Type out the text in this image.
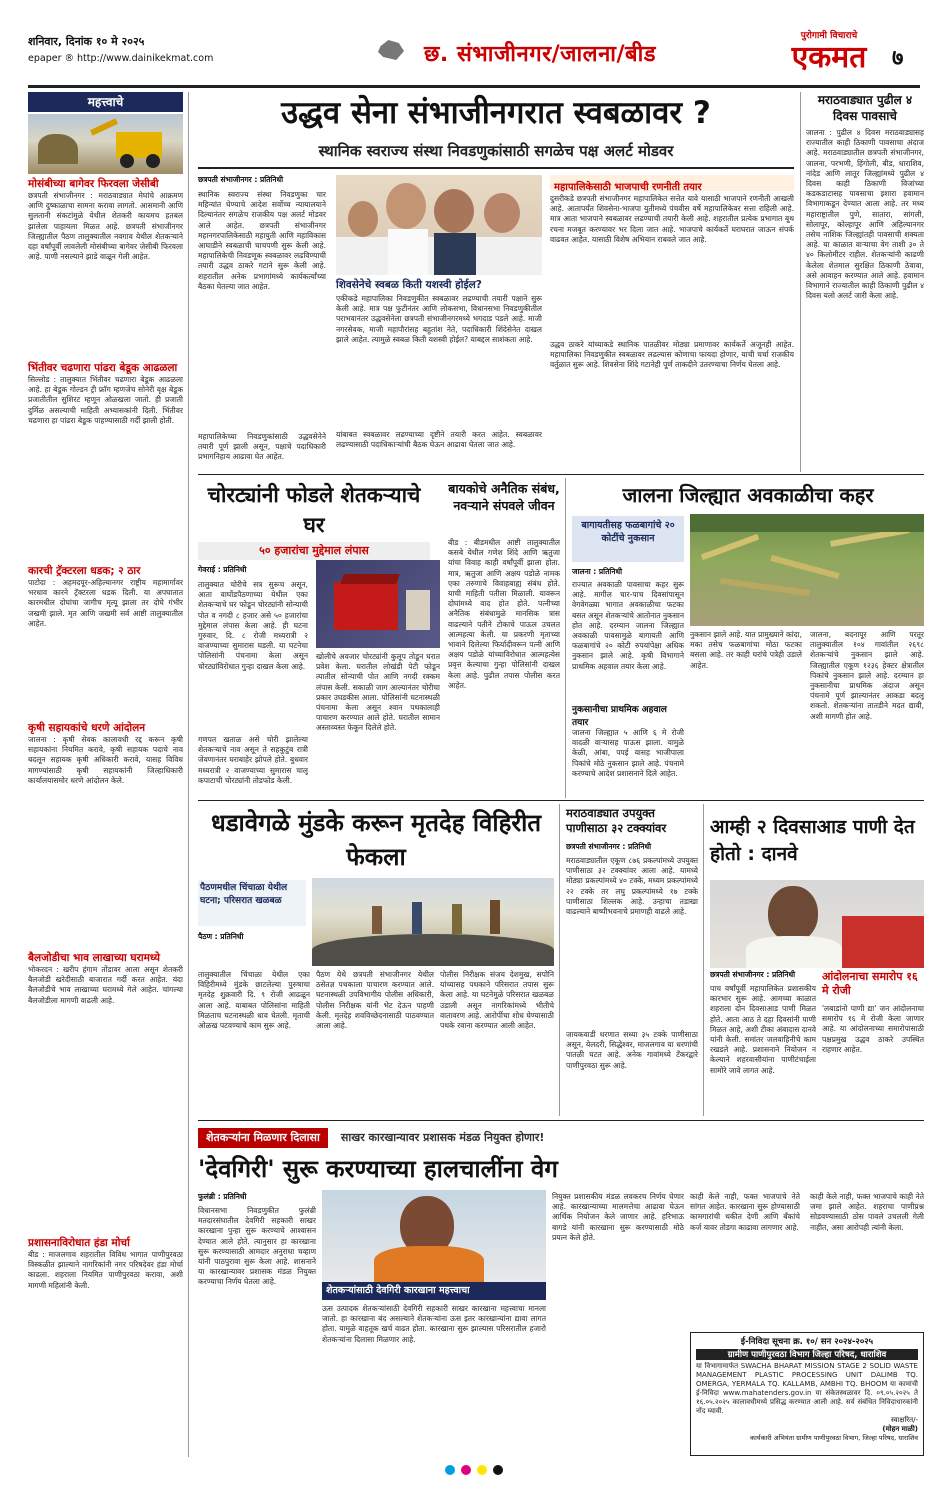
शनिवार, दिनांक १० मे २०२५
epaper ® http://www.dainikekmat.com	छ. संभाजीनगर/जालना/बीड
पुरोगामी विचाराचे
एकमत	७
महत्त्वाचे
मोसंबीच्या बागेवर फिरवला जेसीबी
छत्रपती संभाजीनगर : मराठवाड्यात मेघांचे आक्रमण आणि दुष्काळाचा सामना करावा लागतो. आसमानी आणि सुलतानी संकटांमुळे येथील शेतकरी कायमच हतबल झालेला पाहायला मिळत आहे. छत्रपती संभाजीनगर जिल्ह्यातील पैठण तालुक्यातील नवगाव येथील शेतकऱ्याने दहा वर्षांपूर्वी लावलेली मोसंबीच्या बागेवर जेसीबी फिरवला आहे. पाणी नसल्याने झाडे वाळून गेली आहेत.
भिंतीवर चढणारा पांढरा बेडूक आढळला
सिल्लोड : तालुक्यात भिंतीवर चढणारा बेडूक आढळला आहे. हा बेडूक गोल्डन ट्री फ्रॉग म्हणजेच सोनेरी वृक्ष बेडूक प्रजातीतील सुशिरट म्हणून ओळखला जातो. ही प्रजाती दुर्मिळ असल्याची माहिती अभ्यासकांनी दिली. भिंतीवर चढणारा हा पांढरा बेडूक पाहण्यासाठी गर्दी झाली होती.
कारची ट्रॅक्टरला धडक; २ ठार
पाटोदा : अहमदपूर-अहिल्यानगर राष्ट्रीय महामार्गावर भरधाव कारने ट्रॅक्टरला धडक दिली. या अपघातात कारमधील दोघांचा जागीच मृत्यू झाला तर दोघे गंभीर जखमी झाले. मृत आणि जखमी सर्व आष्टी तालुक्यातील आहेत.
कृषी सहायकांचे धरणे आंदोलन
जालना : कृषी सेवक कालावधी रद्द करून कृषी सहायकांना नियमित करावे, कृषी सहायक पदाचे नाव बदलून सहायक कृषी अधिकारी करावे, यासह विविध मागण्यांसाठी कृषी सहायकांनी जिल्हाधिकारी कार्यालयासमोर धरणे आंदोलन केले.
बैलजोडीचा भाव लाखाच्या घरामध्ये
भोकरदन : खरीप हंगाम तोंडावर आला असून शेतकरी बैलजोडी खरेदीसाठी बाजारात गर्दी करत आहेत. यंदा बैलजोडीचे भाव लाखाच्या घरामध्ये गेले आहेत. चांगल्या बैलजोडीला मागणी वाढली आहे.
प्रशासनाविरोधात हंडा मोर्चा
बीड : माजलगाव शहरातील विविध भागात पाणीपुरवठा विस्कळीत झाल्याने नागरिकांनी नगर परिषदेवर हंडा मोर्चा काढला. शहराला नियमित पाणीपुरवठा करावा, अशी मागणी महिलांनी केली.
उद्धव सेना संभाजीनगरात स्वबळावर ?
स्थानिक स्वराज्य संस्था निवडणुकांसाठी सगळेच पक्ष अलर्ट मोडवर
छत्रपती संभाजीनगर : प्रतिनिधी
स्थानिक स्वराज्य संस्था निवडणुका चार महिन्यांत घेण्याचे आदेश सर्वोच्च न्यायालयाने दिल्यानंतर सगळेच राजकीय पक्ष अलर्ट मोडवर आले आहेत. छत्रपती संभाजीनगर महानगरपालिकेसाठी महायुती आणि महाविकास आघाडीने स्वबळाची चाचपणी सुरू केली आहे. महापालिकेची निवडणूक स्वबळावर लढविण्याची तयारी उद्धव ठाकरे गटाने सुरू केली आहे. शहरातील अनेक प्रभागांमध्ये कार्यकर्त्यांच्या बैठका घेतल्या जात आहेत.
महापालिकेच्या निवडणुकांसाठी उद्धवसेनेने तयारी पूर्ण झाली असून, पक्षाचे पदाधिकारी प्रभागनिहाय आढावा घेत आहेत.
शिवसेनेचे स्वबळ किती यशस्वी होईल?
एकीकडे महापालिका निवडणुकीत स्वबळावर लढण्याची तयारी पक्षाने सुरू केली आहे. मात्र पक्ष फुटीनंतर आणि लोकसभा, विधानसभा निवडणुकीतील पराभवानंतर उद्धवसेनेला छत्रपती संभाजीनगरमध्ये भगदाड पडले आहे. माजी नगरसेवक, माजी महापौरांसह बहुतांश नेते, पदाधिकारी शिंदेसेनेत दाखल झाले आहेत. त्यामुळे स्वबळ किती यशस्वी होईल? याबद्दल साशंकता आहे.
यांबाबत स्वबळावर लढण्याच्या दृष्टीने तयारी करत आहेत. स्वबळावर लढण्यासाठी पदाधिकाऱ्यांची बैठक घेऊन आढावा घेतला जात आहे.
महापालिकेसाठी भाजपाची रणनीती तयार
दुसरीकडे छत्रपती संभाजीनगर महापालिकेत सत्तेत यावे यासाठी भाजपाने रणनीती आखली आहे. आतापर्यंत शिवसेना-भाजपा युतीमध्ये पंचवीस वर्षे महापालिकेवर सत्ता राहिली आहे. मात्र आता भाजपाने स्वबळावर लढण्याची तयारी केली आहे. शहरातील प्रत्येक प्रभागात बूथ रचना मजबूत करण्यावर भर दिला जात आहे. भाजपाचे कार्यकर्ते घराघरात जाऊन संपर्क वाढवत आहेत. यासाठी विशेष अभियान राबवले जात आहे.
उद्धव ठाकरे यांच्याकडे स्थानिक पातळीवर मोठ्या प्रमाणावर कार्यकर्ते अजूनही आहेत. महापालिका निवडणुकीत स्वबळावर लढल्यास कोणाचा फायदा होणार, याची चर्चा राजकीय वर्तुळात सुरू आहे. शिवसेना शिंदे गटानेही पूर्ण ताकदीने उतरण्याचा निर्णय घेतला आहे.
मराठवाड्यात पुढील ४ दिवस पावसाचे
जालना : पुढील ४ दिवस मराठवाड्यासह राज्यातील काही ठिकाणी पावसाचा अंदाज आहे. मराठवाड्यातील छत्रपती संभाजीनगर, जालना, परभणी, हिंगोली, बीड, धाराशिव, नांदेड आणि लातूर जिल्ह्यांमध्ये पुढील ४ दिवस काही ठिकाणी विजांच्या कडकडाटासह पावसाचा इशारा हवामान विभागाकडून देण्यात आला आहे. तर मध्य महाराष्ट्रातील पुणे, सातारा, सांगली, सोलापूर, कोल्हापूर आणि अहिल्यानगर तसेच नाशिक जिल्ह्यांतही पावसाची शक्यता आहे. या काळात वाऱ्याचा वेग ताशी ३० ते ४० किलोमीटर राहील. शेतकऱ्यांनी काढणी केलेला शेतमाल सुरक्षित ठिकाणी ठेवावा, असे आवाहन करण्यात आले आहे. हवामान विभागाने राज्यातील काही ठिकाणी पुढील ४ दिवस यलो अलर्ट जारी केला आहे.
चोरट्यांनी फोडले शेतकऱ्याचे घर
५० हजारांचा मुद्देमाल लंपास
गेवराई : प्रतिनिधी
तालुक्यात चोरीचे सत्र सुरूच असून, आता वाघोंडपैठणाच्या येथील एका शेतकऱ्याचे घर फोडून चोरट्यांनी सोन्याची पोत व नगदी ८ हजार असे ५० हजारांचा मुद्देमाल लंपास केला आहे. ही घटना गुरुवार, दि. ८ रोजी मध्यरात्री २ वाजण्याच्या सुमारास घडली. या घटनेचा पोलिसांनी पंचनामा केला असून चोरट्यांविरोधात गुन्हा दाखल केला आहे.
गणपत खताळ असे चोरी झालेल्या शेतकऱ्याचे नाव असून ते सहकुटुंब रात्री जेवणानंतर घराबाहेर झोपले होते. बुधवार मध्यरात्री २ वाजण्याच्या सुमारास चालू कपाटाची चोरट्यांनी तोडफोड केली.
खोलीचे अवजार चोरट्यांनी कुलूप तोडून घरात प्रवेश केला. घरातील लोखंडी पेटी फोडून त्यातील सोन्याची पोत आणि नगदी रक्कम लंपास केली. सकाळी जाग आल्यानंतर चोरीचा प्रकार उघडकीस आला. पोलिसांनी घटनास्थळी पंचनामा केला असून श्वान पथकालाही पाचारण करण्यात आले होते. घरातील सामान अस्ताव्यस्त फेकून दिलेले होते.
बायकोचे अनैतिक संबंध, नवऱ्याने संपवले जीवन
बीड : बीडमधील आष्टी तालुक्यातील कसबे येथील गणेश शिंदे आणि ऋतुजा यांचा विवाह काही वर्षांपूर्वी झाला होता. मात्र, ऋतुजा आणि अक्षय पडोळे नामक एका तरुणाचे विवाहबाह्य संबंध होते. याची माहिती पतीला मिळाली. यावरून दोघांमध्ये वाद होत होते. पत्नीच्या अनैतिक संबंधामुळे मानसिक त्रास वाढल्याने पतीने टोकाचे पाऊल उचलत आत्महत्या केली. या प्रकरणी मृताच्या भावाने दिलेल्या फिर्यादीवरून पत्नी आणि अक्षय पडोळे यांच्याविरोधात आत्महत्येस प्रवृत्त केल्याचा गुन्हा पोलिसांनी दाखल केला आहे. पुढील तपास पोलीस करत आहेत.
जालना जिल्ह्यात अवकाळीचा कहर
बागायतीसह फळबागांचे २० कोटींचे नुकसान
जालना : प्रतिनिधी
राज्यात अवकाळी पावसाचा कहर सुरू आहे. मागील चार-पाच दिवसांपासून वेगवेगळ्या भागात अवकाळीचा फटका बसत असून शेतकऱ्यांचे आतोनात नुकसान होत आहे. दरम्यान जालना जिल्ह्यात अवकाळी पावसामुळे बागायती आणि फळबागांचे २० कोटी रुपयांपेक्षा अधिक नुकसान झाले आहे. कृषी विभागाने प्राथमिक अहवाल तयार केला आहे.
नुकसानीचा प्राथमिक अहवाल तयार
जालना जिल्ह्यात ५ आणि ६ मे रोजी वादळी वाऱ्यासह पाऊस झाला. यामुळे केळी, आंबा, पपई यासह भाजीपाला पिकांचे मोठे नुकसान झाले आहे. पंचनामे करण्याचे आदेश प्रशासनाने दिले आहेत.
नुकसान झाले आहे. यात प्रामुख्याने कांदा, मका तसेच फळबागांचा मोठा फटका बसला आहे. तर काही घरांचे पत्रेही उडाले आहेत.
जालना, बदनापूर आणि परतूर तालुक्यातील १०४ गावांतील २६९८ शेतकऱ्यांचे नुकसान झाले आहे. जिल्ह्यातील एकूण १२३६ हेक्टर क्षेत्रातील पिकांचे नुकसान झाले आहे. दरम्यान हा नुकसानीचा प्राथमिक अंदाज असून पंचनामे पूर्ण झाल्यानंतर आकडा बदलू शकतो. शेतकऱ्यांना तातडीने मदत द्यावी, अशी मागणी होत आहे.
धडावेगळे मुंडके करून मृतदेह विहिरीत फेकला
पैठणमधील चिंचाळा येथील घटना; परिसरात खळबळ
पैठण : प्रतिनिधी
तालुक्यातील चिंचाळा येथील एका विहिरीमध्ये मुंडके छाटलेल्या पुरुषाचा मृतदेह शुक्रवारी दि. ९ रोजी आढळून आला आहे. याबाबत पोलिसांना माहिती मिळताच घटनास्थळी धाव घेतली. मृताची ओळख पटवण्याचे काम सुरू आहे.
पैठण येथे छत्रपती संभाजीनगर येथील ठसेतज्ञ पथकाला पाचारण करण्यात आले. घटनास्थळी उपविभागीय पोलीस अधिकारी, पोलीस निरीक्षक यांनी भेट देऊन पाहणी केली. मृतदेह शवविच्छेदनासाठी पाठवण्यात आला आहे.
पोलीस निरीक्षक संजय देशमुख, सपोनि यांच्यासह पथकाने परिसरात तपास सुरू केला आहे. या घटनेमुळे परिसरात खळबळ उडाली असून नागरिकांमध्ये भीतीचे वातावरण आहे. आरोपींचा शोध घेण्यासाठी पथके रवाना करण्यात आली आहेत.
मराठवाड्यात उपयुक्त पाणीसाठा ३२ टक्क्यांवर
छत्रपती संभाजीनगर : प्रतिनिधी
मराठवाड्यातील एकूण ८७६ प्रकल्पांमध्ये उपयुक्त पाणीसाठा ३२ टक्क्यांवर आला आहे. यामध्ये मोठ्या प्रकल्पांमध्ये ४० टक्के, मध्यम प्रकल्पांमध्ये २२ टक्के तर लघु प्रकल्पांमध्ये १७ टक्के पाणीसाठा शिल्लक आहे. उन्हाचा तडाखा वाढल्याने बाष्पीभवनाचे प्रमाणही वाढले आहे.
जायकवाडी धरणात सध्या ३५ टक्के पाणीसाठा असून, येलदरी, सिद्धेश्वर, माजलगाव या धरणांची पातळी घटत आहे. अनेक गावांमध्ये टँकरद्वारे पाणीपुरवठा सुरू आहे.
आम्ही २ दिवसाआड पाणी देत होतो : दानवे
छत्रपती संभाजीनगर : प्रतिनिधी	आंदोलनाचा समारोप १६ मे रोजी
'लबाडांनो पाणी द्या' जन आंदोलनाचा समारोप १६ मे रोजी केला जाणार आहे. या आंदोलनाच्या समारोपासाठी पक्षप्रमुख उद्धव ठाकरे उपस्थित राहणार आहेत.
पाच वर्षांपूर्वी महापालिकेत प्रशासकीय कारभार सुरू आहे. आमच्या काळात शहराला दोन दिवसाआड पाणी मिळत होते. आता आठ ते दहा दिवसांनी पाणी मिळत आहे, अशी टीका अंबादास दानवे यांनी केली. समांतर जलवाहिनीचे काम रखडले आहे. प्रशासनाने नियोजन न केल्याने शहरवासीयांना पाणीटंचाईला सामोरे जावे लागत आहे.
शेतकऱ्यांना मिळणार दिलासा साखर कारखान्यावर प्रशासक मंडळ नियुक्त होणार!
'देवगिरी' सुरू करण्याच्या हालचालींना वेग
फुलंब्री : प्रतिनिधी
विधानसभा निवडणुकीत फुलंब्री मतदारसंघातील देवगिरी सहकारी साखर कारखाना पुन्हा सुरू करण्याचे आश्वासन देण्यात आले होते. त्यानुसार हा कारखाना सुरू करण्यासाठी आमदार अनुराधा चव्हाण यांनी पाठपुरावा सुरू केला आहे. शासनाने या कारखान्यावर प्रशासक मंडळ नियुक्त करण्याचा निर्णय घेतला आहे.
शेतकऱ्यांसाठी देवगिरी कारखाना महत्त्वाचा
ऊस उत्पादक शेतकऱ्यांसाठी देवगिरी सहकारी साखर कारखाना महत्त्वाचा मानला जातो. हा कारखाना बंद असल्याने शेतकऱ्यांना ऊस इतर कारखान्यांना द्यावा लागत होता. यामुळे वाहतूक खर्च वाढत होता. कारखाना सुरू झाल्यास परिसरातील हजारो शेतकऱ्यांना दिलासा मिळणार आहे.
नियुक्त प्रशासकीय मंडळ लवकरच निर्णय घेणार आहे. कारखान्याच्या मालमत्तेचा आढावा घेऊन आर्थिक नियोजन केले जाणार आहे. हरिभाऊ बागडे यांनी कारखाना सुरू करण्यासाठी मोठे प्रयत्न केले होते.
काही केले नाही, फक्त भाजपाचे नेते सांगत आहेत. कारखाना सुरू होण्यासाठी कामगारांची थकीत देणी आणि बँकांचे कर्ज यावर तोडगा काढावा लागणार आहे.
काही केले नाही, फक्त भाजपाचे काही नेते जमा झाले आहेत. शहराचा पाणीप्रश्न सोडवण्यासाठी ठोस पावले उचलली गेली नाहीत, असा आरोपही त्यांनी केला.
ई-निविदा सूचना क्र. १०/ सन २०२४-२०२५
ग्रामीण पाणीपुरवठा विभाग जिल्हा परिषद, धाराशिव
या विभागामार्फत SWACHA BHARAT MISSION STAGE 2 SOLID WASTE MANAGEMENT PLASTIC PROCESSING UNIT DALIMB TQ. OMERGA, YERMALA TQ. KALLAMB, AMBHI TQ. BHOOM या कामांची ई-निविदा www.mahatenders.gov.in या संकेतस्थळावर दि. ०९.०५.२०२५ ते १६.०५.२०२५ कालावधीमध्ये प्रसिद्ध करण्यात आली आहे. सर्व संबंधित निविदाधारकांनी नोंद घ्यावी.
स्वाक्षरित/-
(मोहन माळी)
कार्यकारी अभियंता ग्रामीण पाणीपुरवठा विभाग, जिल्हा परिषद, धाराशिव
